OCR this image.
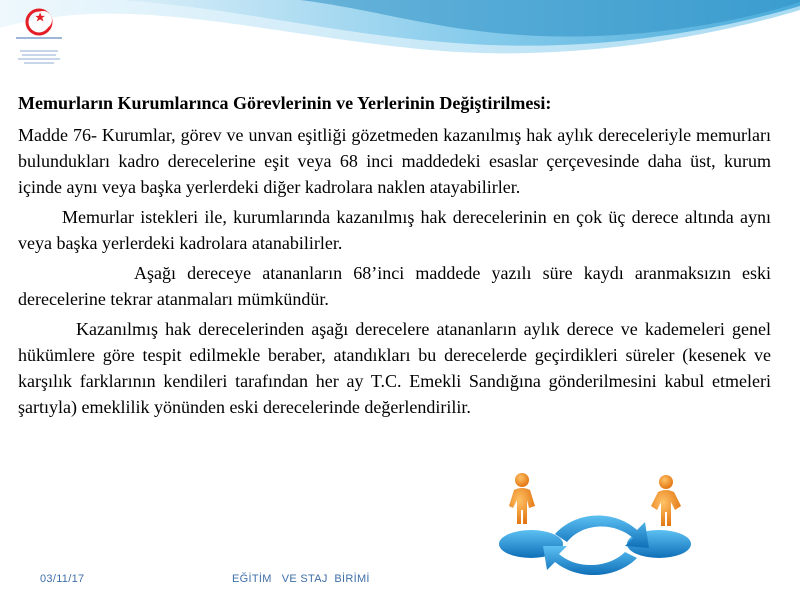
Memurların Kurumlarınca Görevlerinin ve Yerlerinin Değiştirilmesi:

Madde 76- Kurumlar, görev ve unvan eşitliği gözetmeden kazanılmış hak aylık dereceleriyle memurları bulundukları kadro derecelerine eşit veya 68 inci maddedeki esaslar çerçevesinde daha üst, kurum içinde aynı veya başka yerlerdeki diğer kadrolara naklen atayabilirler.

Memurlar istekleri ile, kurumlarında kazanılmış hak derecelerinin en çok üç derece altında aynı veya başka yerlerdeki kadrolara atanabilirler.

Aşağı dereceye atananların 68’inci maddede yazılı süre kaydı aranmaksızın eski derecelerine tekrar atanmaları mümkündür.

Kazanılmış hak derecelerinden aşağı derecelere atananların aylık derece ve kademeleri genel hükümlere göre tespit edilmekle beraber, atandıkları bu derecelerde geçirdikleri süreler (kesenek ve karşılık farklarının kendileri tarafından her ay T.C. Emekli Sandığına gönderilmesini kabul etmeleri şartıyla) emeklilik yönünden eski derecelerinde değerlendirilir.

03/11/17	EĞİTİM   VE STAJ  BİRİMİ
